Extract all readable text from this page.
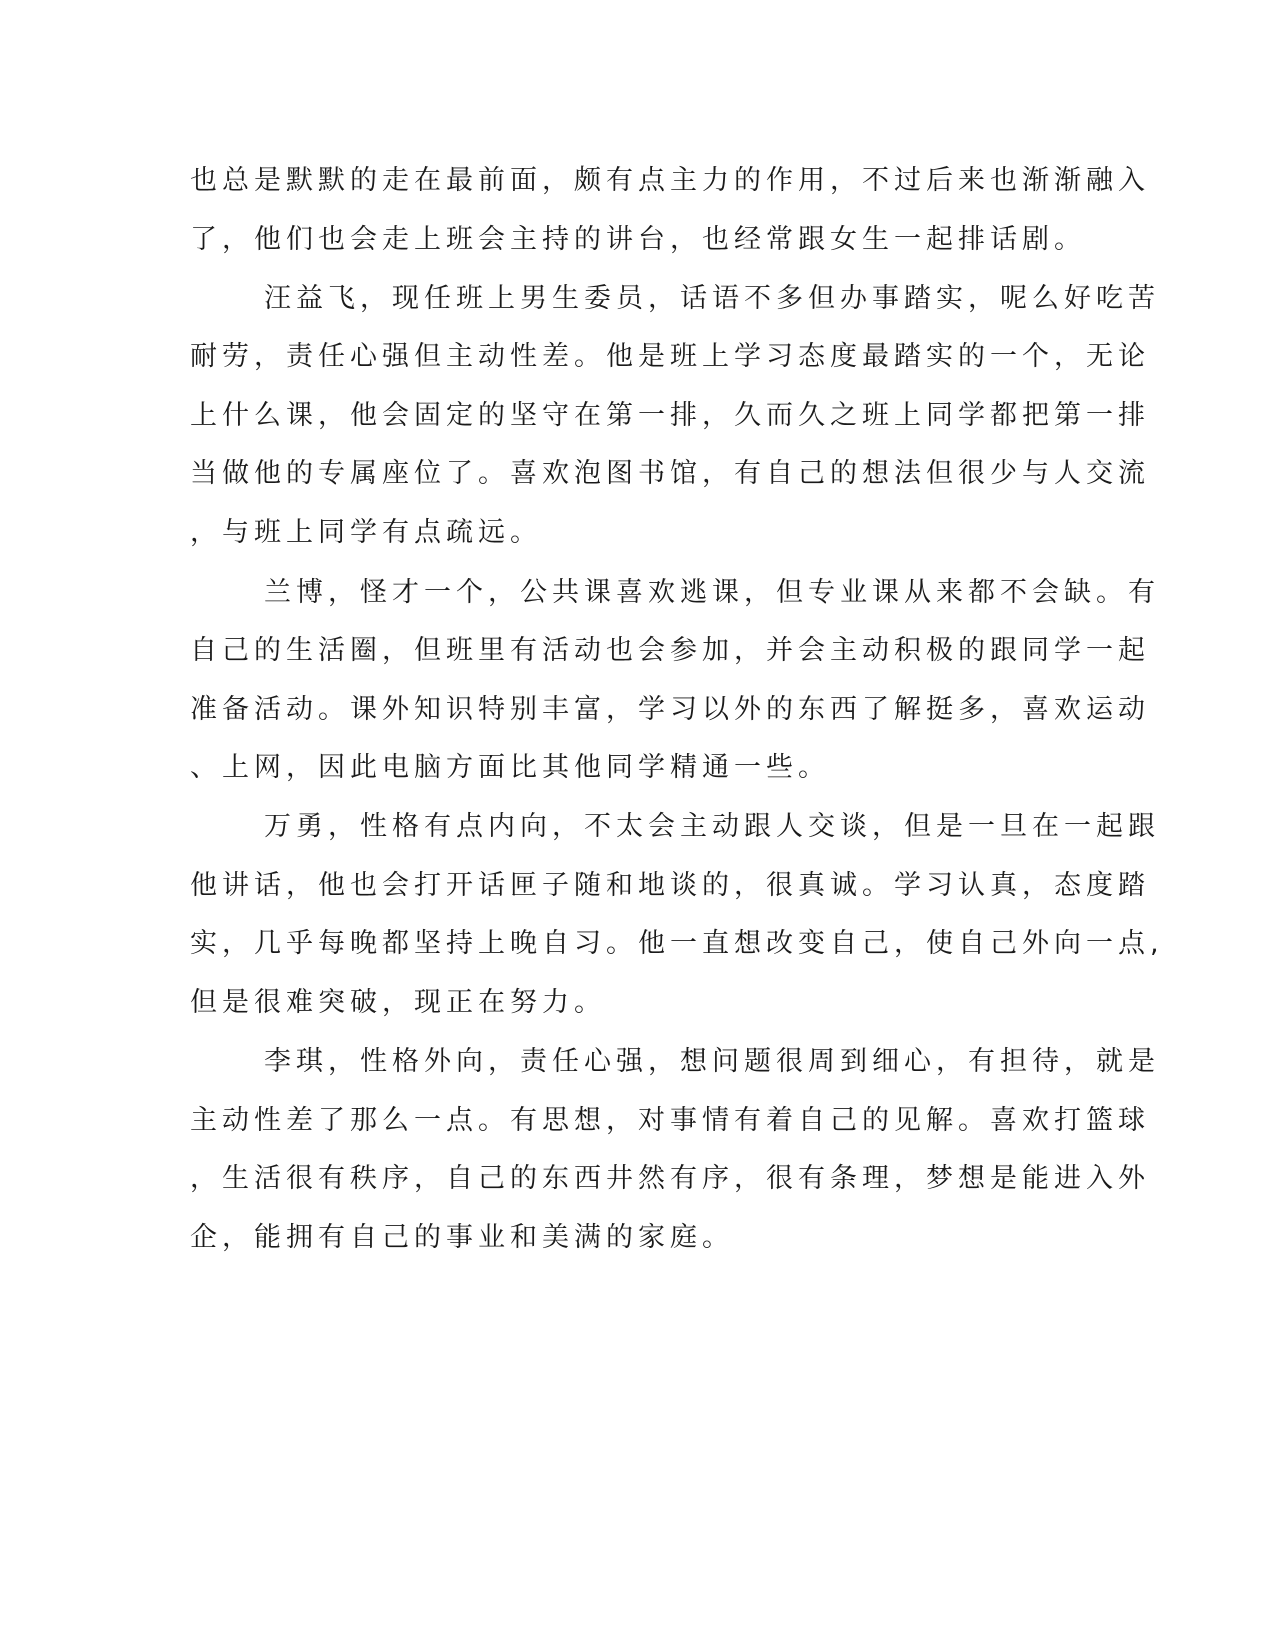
也总是默默的走在最前面，颇有点主力的作用，不过后来也渐渐融入

了，他们也会走上班会主持的讲台，也经常跟女生一起排话剧。

汪益飞，现任班上男生委员，话语不多但办事踏实，呢么好吃苦

耐劳，责任心强但主动性差。他是班上学习态度最踏实的一个，无论

上什么课，他会固定的坚守在第一排，久而久之班上同学都把第一排

当做他的专属座位了。喜欢泡图书馆，有自己的想法但很少与人交流

，与班上同学有点疏远。

兰博，怪才一个，公共课喜欢逃课，但专业课从来都不会缺。有

自己的生活圈，但班里有活动也会参加，并会主动积极的跟同学一起

准备活动。课外知识特别丰富，学习以外的东西了解挺多，喜欢运动

、上网，因此电脑方面比其他同学精通一些。

万勇，性格有点内向，不太会主动跟人交谈，但是一旦在一起跟

他讲话，他也会打开话匣子随和地谈的，很真诚。学习认真，态度踏

实，几乎每晚都坚持上晚自习。他一直想改变自己，使自己外向一点,

但是很难突破，现正在努力。

李琪，性格外向，责任心强，想问题很周到细心，有担待，就是

主动性差了那么一点。有思想，对事情有着自己的见解。喜欢打篮球

，生活很有秩序，自己的东西井然有序，很有条理，梦想是能进入外

企，能拥有自己的事业和美满的家庭。
